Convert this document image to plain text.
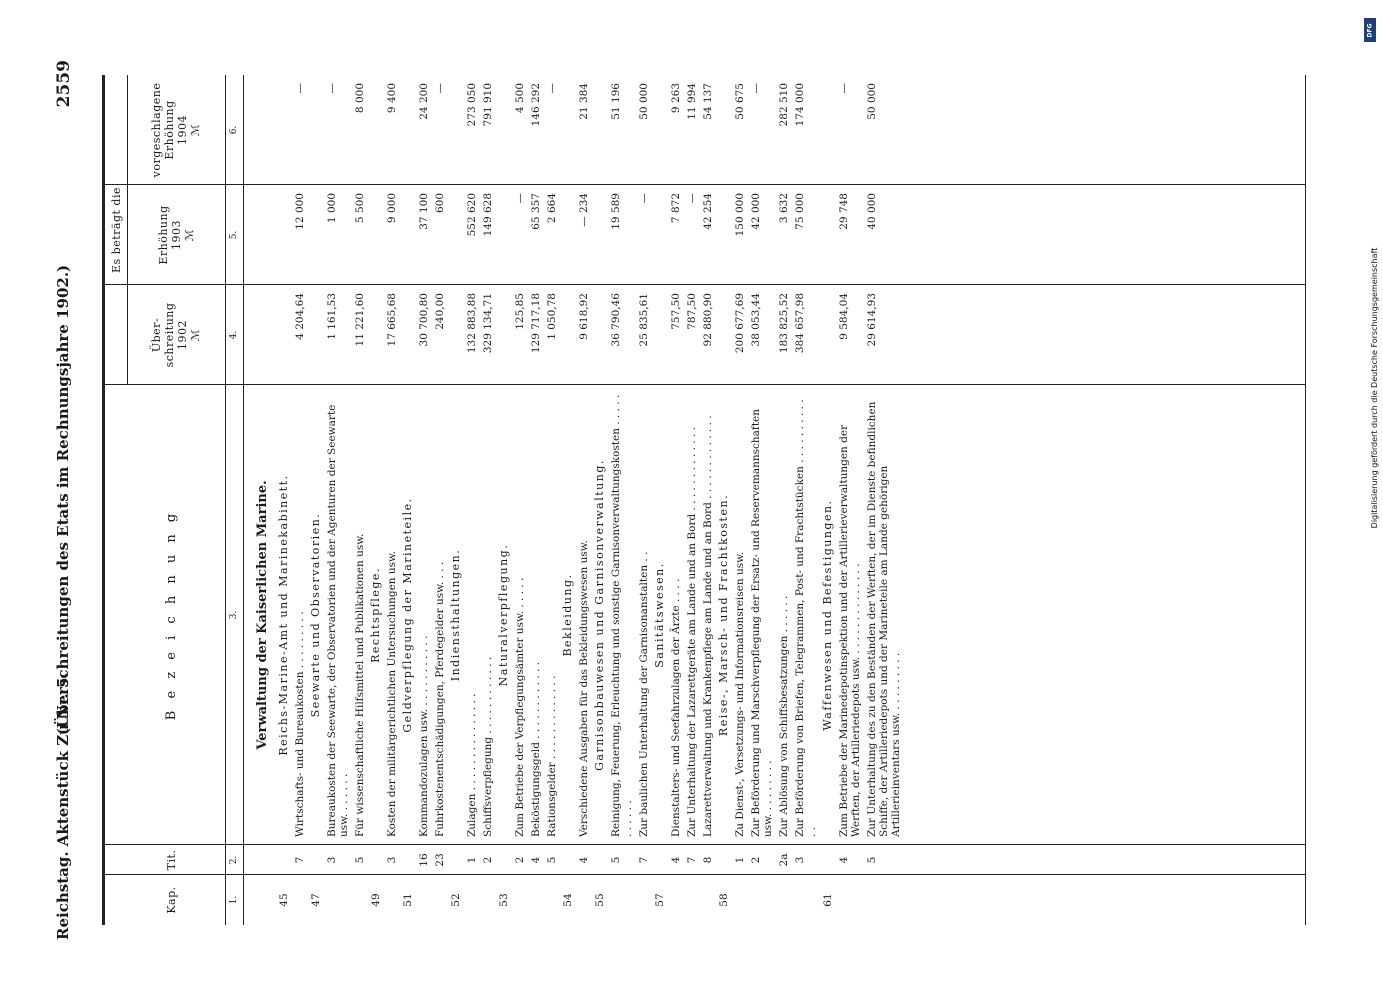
Reichstag. Aktenstück Zu Nr. 5.
(Überschreitungen des Etats im Rechnungsjahre 1902.)
2559
Kap.
Tit.
B e z e i c h n u n g
Es beträgt die
Über- schreitung 1902 ℳ
Erhöhung 1903 ℳ
vorgeschlagene Erhöhung 1904 ℳ
1.
2.
3.
4.
5.
6.
Verwaltung der Kaiserlichen Marine.
45
Reichs-Marine-Amt und Marinekabinett.
7
Wirtschafts- und Bureaukosten . . . . . . . . .
4 204,64
12 000
—
47
Seewarte und Observatorien.
3
Bureaukosten der Seewarte, der Observatorien und der Agenturen der Seewarte usw. . . . . . .
1 161,53
1 000
—
5
Für wissenschaftliche Hilfsmittel und Publikationen usw.
11 221,60
5 500
8 000
49
Rechtspflege.
3
Kosten der militärgerichtlichen Untersuchungen usw.
17 665,68
9 000
9 400
51
Geldverpflegung der Marineteile.
16
Kommandozulagen usw. . . . . . . . . . . .
30 700,80
37 100
24 200
23
Fuhrkostenentschädigungen, Pferdegelder usw. . . .
240,00
600
—
52
Indiensthaltungen.
1
Zulagen . . . . . . . . . . . . . . .
132 883,88
552 620
273 050
2
Schiffsverpflegung . . . . . . . . . . . .
329 134,71
149 628
791 910
53
Naturalverpflegung.
2
Zum Betriebe der Verpflegungsämter usw. . . . . .
125,85
—
4 500
4
Beköstigungsgeld . . . . . . . . . . . .
129 717,18
65 357
146 292
5
Rationsgelder . . . . . . . . . . . . .
1 050,78
2 664
—
54
Bekleidung.
4
Verschiedene Ausgaben für das Bekleidungswesen usw.
9 618,92
— 234
21 384
55
Garnisonbauwesen und Garnisonverwaltung.
5
Reinigung, Feuerung, Erleuchtung und sonstige Garnisonverwaltungskosten . . . . . . . . . . .
36 790,46
19 589
51 196
7
Zur baulichen Unterhaltung der Garnisonanstalten . .
25 835,61
—
50 000
57
Sanitätswesen.
4
Dienstalters- und Seefahrzulagen der Ärzte . . . .
757,50
7 872
9 263
7
Zur Unterhaltung der Lazarettgeräte am Lande und an Bord . . . . . . . . . . . . .
787,50
—
11 994
8
Lazarettverwaltung und Krankenpflege am Lande und an Bord . . . . . . . . . . . . .
92 880,90
42 254
54 137
58
Reise-, Marsch- und Frachtkosten.
1
Zu Dienst-, Versetzungs- und Informationsreisen usw.
200 677,69
150 000
50 675
2
Zur Beförderung und Marschverpflegung der Ersatz- und Reservemannschaften usw. . . . . . . . .
38 053,44
42 000
—
2a
Zur Ablösung von Schiffsbesatzungen . . . . . .
183 825,52
3 632
282 510
3
Zur Beförderung von Briefen, Telegrammen, Post- und Frachtstücken . . . . . . . . . . . .
384 657,98
75 000
174 000
61
Waffenwesen und Befestigungen.
4
Zum Betriebe der Marinedepotinspektion und der Artillerieverwaltungen der Werften, der Artilleriedepots usw. . . . . . . . . . . . . . .
9 584,04
29 748
—
5
Zur Unterhaltung des zu den Beständen der Werften, der im Dienste befindlichen Schiffe, der Artilleriedepots und der Marineteile am Lande gehörigen Artillerieinventars usw. . . . . . . . . .
29 614,93
40 000
50 000
DFG
Digitalisierung gefördert durch die Deutsche Forschungsgemeinschaft
